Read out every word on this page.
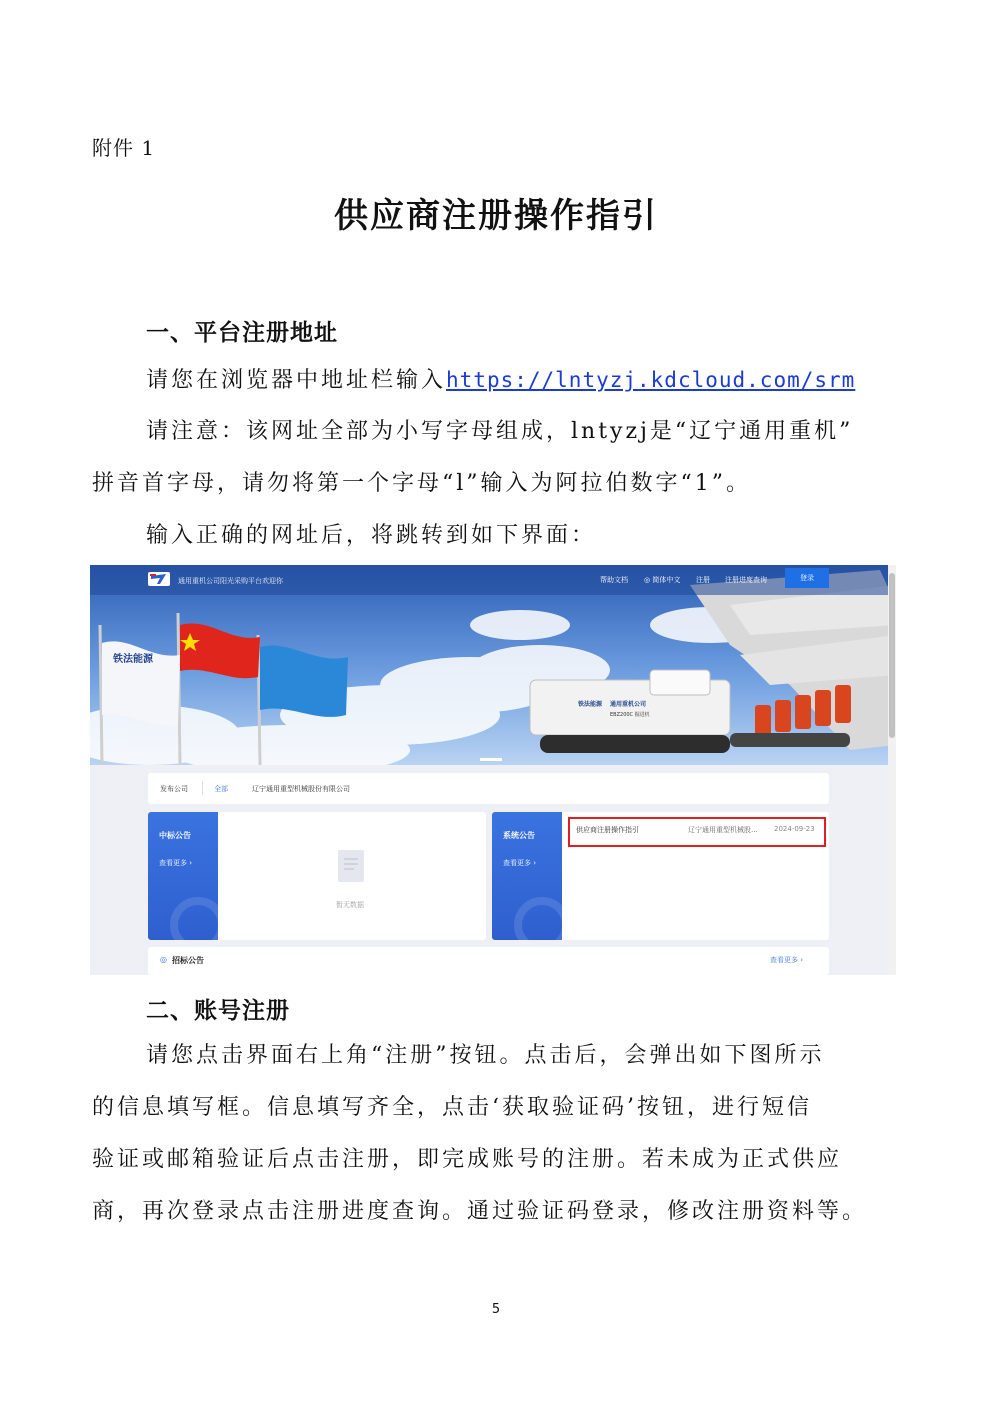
附件 1
供应商注册操作指引
一、平台注册地址
请您在浏览器中地址栏输入https://lntyzj.kdcloud.com/srm
请注意：该网址全部为小写字母组成，lntyzj是“辽宁通用重机”
拼音首字母，请勿将第一个字母“l”输入为阿拉伯数字“1”。
输入正确的网址后，将跳转到如下界面：
铁法能源
铁法能源 通用重机公司
EBZ200C 掘进机
通用重机公司阳光采购平台欢迎你	帮助文档 ◎ 简体中文 注册 注册进度查询	登录
发布公司	全部	辽宁通用重型机械股份有限公司
中标公告
查看更多 ›
暂无数据
系统公告
查看更多 ›
供应商注册操作指引	辽宁通用重型机械股... 2024-09-23
◎ 招标公告	查看更多 ›
二、账号注册
请您点击界面右上角“注册”按钮。点击后，会弹出如下图所示
的信息填写框。信息填写齐全，点击‘获取验证码’按钮，进行短信
验证或邮箱验证后点击注册，即完成账号的注册。若未成为正式供应
商，再次登录点击注册进度查询。通过验证码登录，修改注册资料等。
5
